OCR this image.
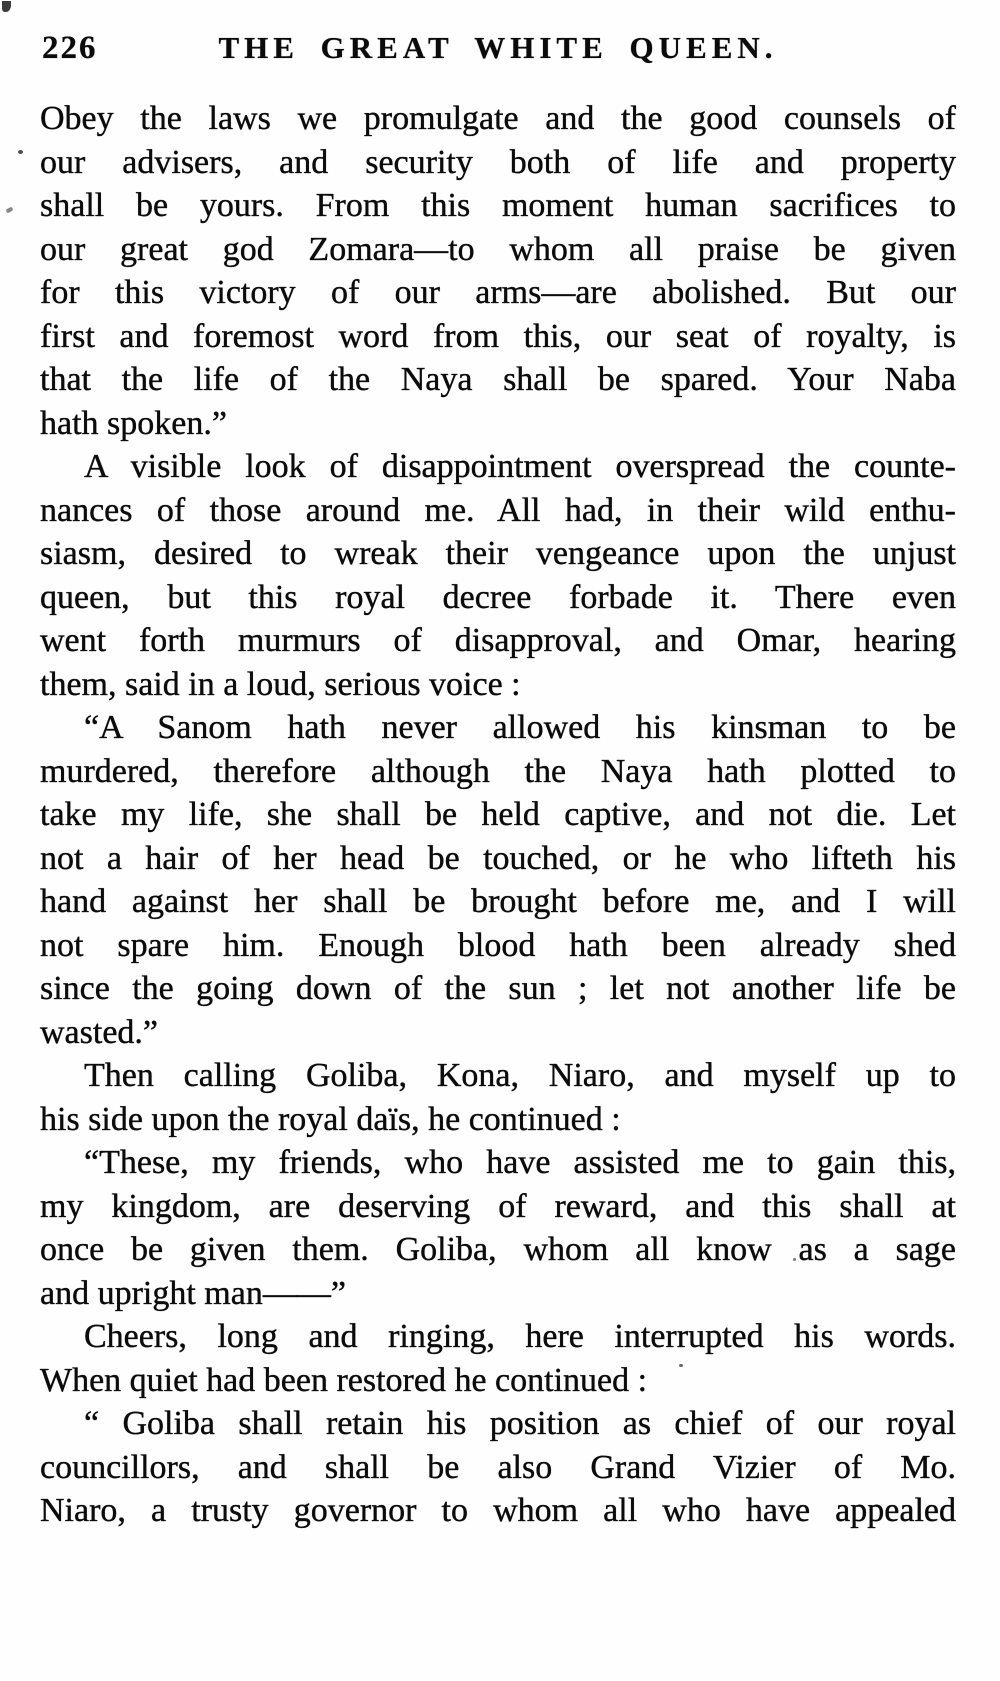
226	THE GREAT WHITE QUEEN.
Obey the laws we promulgate and the good counsels of
our advisers, and security both of life and property
shall be yours. From this moment human sacrifices to
our great god Zomara—to whom all praise be given
for this victory of our arms—are abolished. But our
first and foremost word from this, our seat of royalty, is
that the life of the Naya shall be spared. Your Naba
hath spoken.”
A visible look of disappointment overspread the counte-
nances of those around me. All had, in their wild enthu-
siasm, desired to wreak their vengeance upon the unjust
queen, but this royal decree forbade it. There even
went forth murmurs of disapproval, and Omar, hearing
them, said in a loud, serious voice :
“A Sanom hath never allowed his kinsman to be
murdered, therefore although the Naya hath plotted to
take my life, she shall be held captive, and not die. Let
not a hair of her head be touched, or he who lifteth his
hand against her shall be brought before me, and I will
not spare him. Enough blood hath been already shed
since the going down of the sun ; let not another life be
wasted.”
Then calling Goliba, Kona, Niaro, and myself up to
his side upon the royal daïs, he continued :
“These, my friends, who have assisted me to gain this,
my kingdom, are deserving of reward, and this shall at
once be given them. Goliba, whom all know as a sage
and upright man——”
Cheers, long and ringing, here interrupted his words.
When quiet had been restored he continued :
“ Goliba shall retain his position as chief of our royal
councillors, and shall be also Grand Vizier of Mo.
Niaro, a trusty governor to whom all who have appealed
